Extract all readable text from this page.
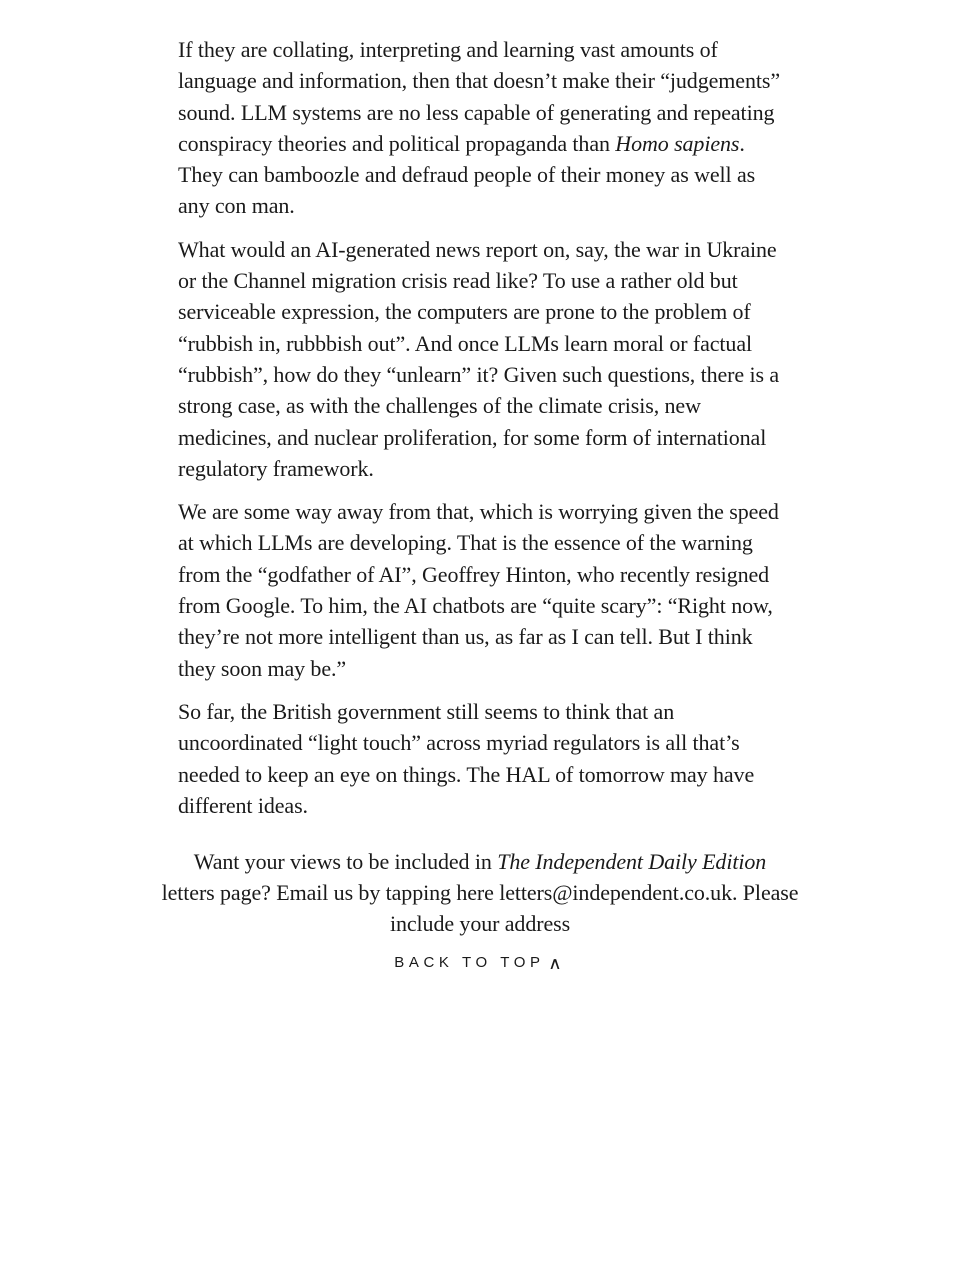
If they are collating, interpreting and learning vast amounts of language and information, then that doesn’t make their “judgements” sound. LLM systems are no less capable of generating and repeating conspiracy theories and political propaganda than Homo sapiens. They can bamboozle and defraud people of their money as well as any con man.

What would an AI-generated news report on, say, the war in Ukraine or the Channel migration crisis read like? To use a rather old but serviceable expression, the computers are prone to the problem of “rubbish in, rubbbish out”. And once LLMs learn moral or factual “rubbish”, how do they “unlearn” it? Given such questions, there is a strong case, as with the challenges of the climate crisis, new medicines, and nuclear proliferation, for some form of international regulatory framework.

We are some way away from that, which is worrying given the speed at which LLMs are developing. That is the essence of the warning from the “godfather of AI”, Geoffrey Hinton, who recently resigned from Google. To him, the AI chatbots are “quite scary”: “Right now, they’re not more intelligent than us, as far as I can tell. But I think they soon may be.”

So far, the British government still seems to think that an uncoordinated “light touch” across myriad regulators is all that’s needed to keep an eye on things. The HAL of tomorrow may have different ideas.

Want your views to be included in The Independent Daily Edition
letters page? Email us by tapping here letters@independent.co.uk. Please include your address
BACK TO TOP ∧
